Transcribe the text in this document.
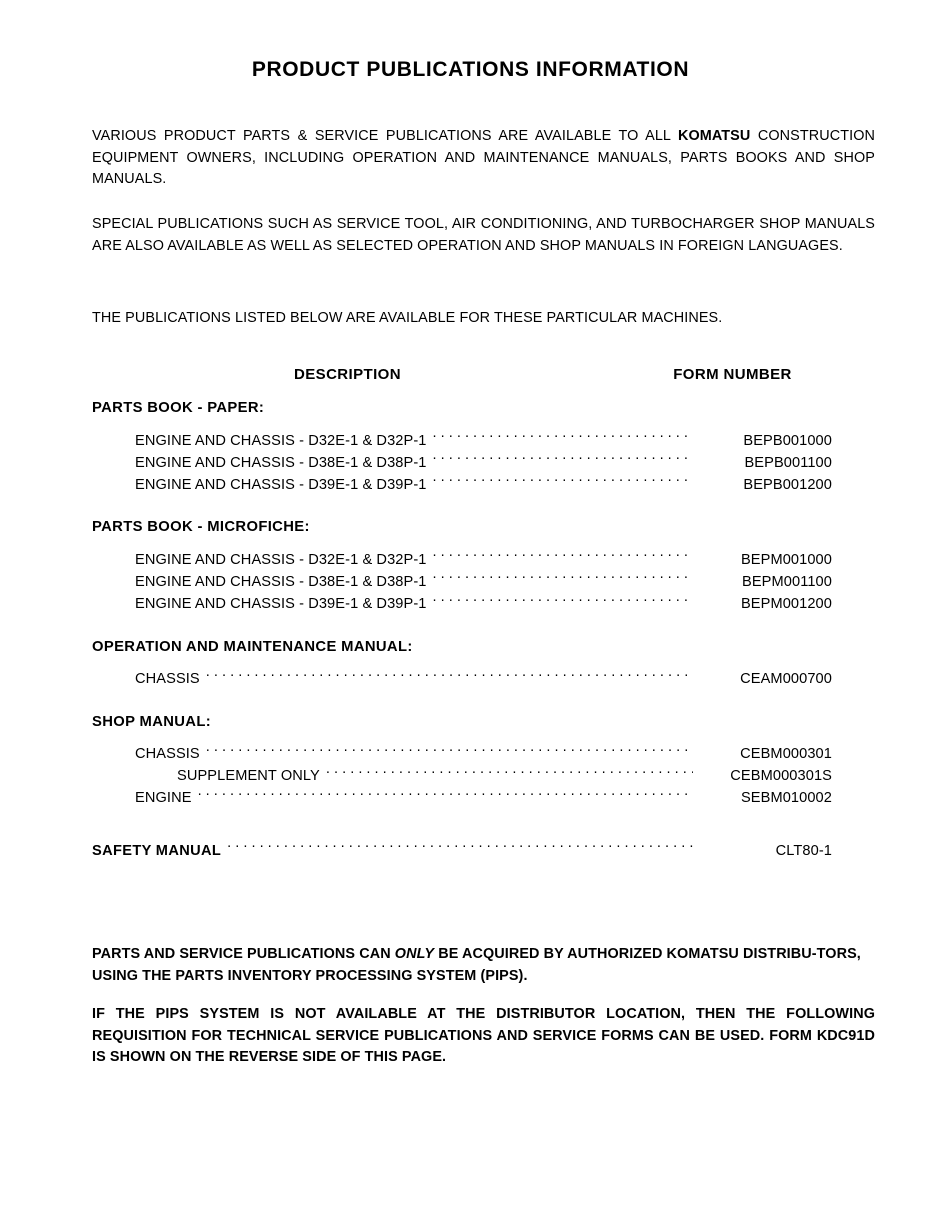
PRODUCT PUBLICATIONS INFORMATION
VARIOUS PRODUCT PARTS & SERVICE PUBLICATIONS ARE AVAILABLE TO ALL KOMATSU CONSTRUCTION EQUIPMENT OWNERS, INCLUDING OPERATION AND MAINTENANCE MANUALS, PARTS BOOKS AND SHOP MANUALS.
SPECIAL PUBLICATIONS SUCH AS SERVICE TOOL, AIR CONDITIONING, AND TURBOCHARGER SHOP MANUALS ARE ALSO AVAILABLE AS WELL AS SELECTED OPERATION AND SHOP MANUALS IN FOREIGN LANGUAGES.
THE PUBLICATIONS LISTED BELOW ARE AVAILABLE FOR THESE PARTICULAR MACHINES.
DESCRIPTION	FORM NUMBER
PARTS BOOK - PAPER:
ENGINE AND CHASSIS - D32E-1 & D32P-1 . . .	BEPB001000
ENGINE AND CHASSIS - D38E-1 & D38P-1 . . .	BEPB001100
ENGINE AND CHASSIS - D39E-1 & D39P-1 . . .	BEPB001200
PARTS BOOK - MICROFICHE:
ENGINE AND CHASSIS - D32E-1 & D32P-1 . . .	BEPM001000
ENGINE AND CHASSIS - D38E-1 & D38P-1 . . .	BEPM001100
ENGINE AND CHASSIS - D39E-1 & D39P-1 . . .	BEPM001200
OPERATION AND MAINTENANCE MANUAL:
CHASSIS . . .	CEAM000700
SHOP MANUAL:
CHASSIS . . .	CEBM000301
SUPPLEMENT ONLY . . .	CEBM000301S
ENGINE . . .	SEBM010002
SAFETY MANUAL . . .	CLT80-1
PARTS AND SERVICE PUBLICATIONS CAN ONLY BE ACQUIRED BY AUTHORIZED KOMATSU DISTRIBU-TORS, USING THE PARTS INVENTORY PROCESSING SYSTEM (PIPS).
IF THE PIPS SYSTEM IS NOT AVAILABLE AT THE DISTRIBUTOR LOCATION, THEN THE FOLLOWING REQUISITION FOR TECHNICAL SERVICE PUBLICATIONS AND SERVICE FORMS CAN BE USED. FORM KDC91D IS SHOWN ON THE REVERSE SIDE OF THIS PAGE.
